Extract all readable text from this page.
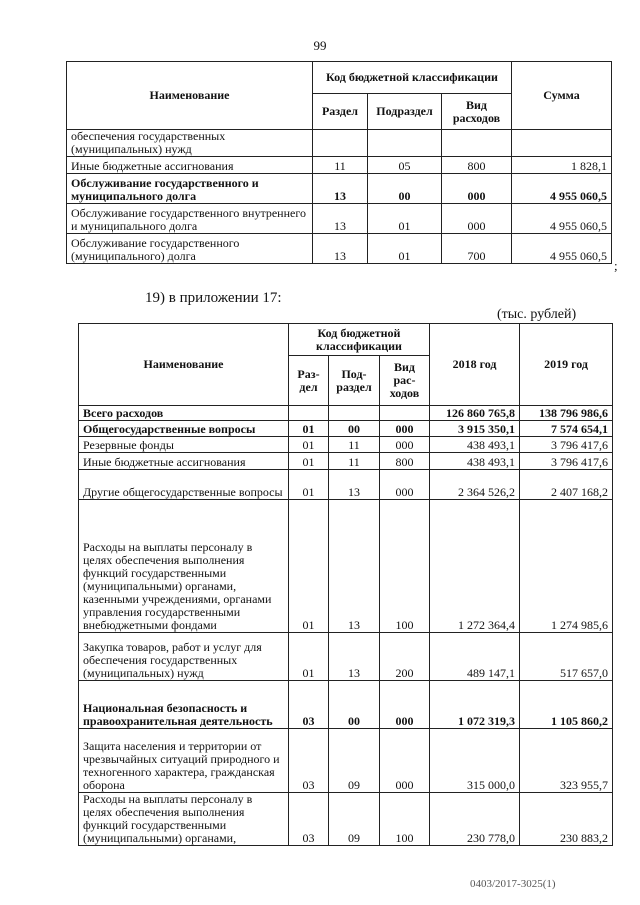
99
Наименование	Код бюджетной классификации			Сумма
	Раздел	Подраздел	Вид расходов	
обеспечения государственных (муниципальных) нужд				
Иные бюджетные ассигнования	11	05	800	1 828,1
Обслуживание государственного и муниципального долга	13	00	000	4 955 060,5
Обслуживание государственного внутреннего и муниципального долга	13	01	000	4 955 060,5
Обслуживание государственного (муниципального) долга	13	01	700	4 955 060,5
;
19) в приложении 17:
(тыс. рублей)
Наименование	Код бюджетной классификации			2018 год	2019 год
	Раз-дел	Под-раздел	Вид рас-ходов		
Всего расходов				126 860 765,8	138 796 986,6
Общегосударственные вопросы	01	00	000	3 915 350,1	7 574 654,1
Резервные фонды	01	11	000	438 493,1	3 796 417,6
Иные бюджетные ассигнования	01	11	800	438 493,1	3 796 417,6
Другие общегосударственные вопросы	01	13	000	2 364 526,2	2 407 168,2
Расходы на выплаты персоналу в целях обеспечения выполнения функций государственными (муниципальными) органами, казенными учреждениями, органами управления государственными внебюджетными фондами	01	13	100	1 272 364,4	1 274 985,6
Закупка товаров, работ и услуг для обеспечения государственных (муниципальных) нужд	01	13	200	489 147,1	517 657,0
Национальная безопасность и правоохранительная деятельность	03	00	000	1 072 319,3	1 105 860,2
Защита населения и территории от чрезвычайных ситуаций природного и техногенного характера, гражданская оборона	03	09	000	315 000,0	323 955,7
Расходы на выплаты персоналу в целях обеспечения выполнения функций государственными (муниципальными) органами,	03	09	100	230 778,0	230 883,2
0403/2017-3025(1)
